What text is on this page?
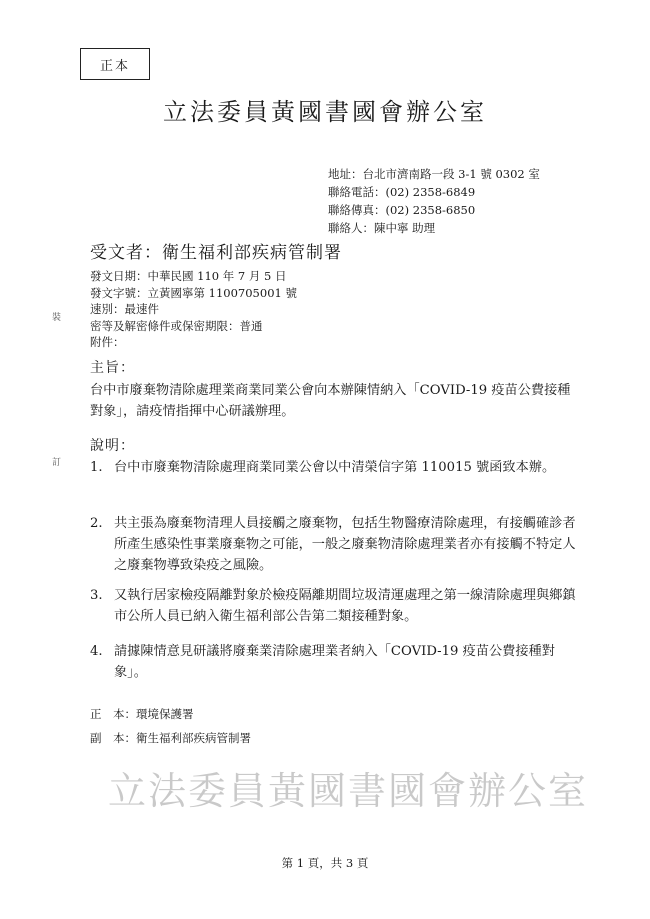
正本
立法委員黃國書國會辦公室
地址：台北市濟南路一段 3-1 號 0302 室
聯絡電話：(02) 2358-6849
聯絡傳真：(02) 2358-6850
聯絡人：陳中寧 助理
受文者：衛生福利部疾病管制署
發文日期：中華民國 110 年 7 月 5 日
發文字號：立黃國寧第 1100705001 號
速別：最速件
密等及解密條件或保密期限：普通
附件：
裝
訂
主旨：
台中市廢棄物清除處理業商業同業公會向本辦陳情納入「COVID-19 疫苗公費接種對象」，請疫情指揮中心研議辦理。
說明：
1. 台中市廢棄物清除處理商業同業公會以中清榮信字第 110015 號函致本辦。
2. 共主張為廢棄物清理人員接觸之廢棄物，包括生物醫療清除處理，有接觸確診者所產生感染性事業廢棄物之可能，一般之廢棄物清除處理業者亦有接觸不特定人之廢棄物導致染疫之風險。
3. 又執行居家檢疫隔離對象於檢疫隔離期間垃圾清運處理之第一線清除處理與鄉鎮市公所人員已納入衛生福利部公告第二類接種對象。
4. 請據陳情意見研議將廢棄業清除處理業者納入「COVID-19 疫苗公費接種對象」。
正　本：環境保護署
副　本：衛生福利部疾病管制署
立法委員黃國書國會辦公室
第 1 頁，共 3 頁
